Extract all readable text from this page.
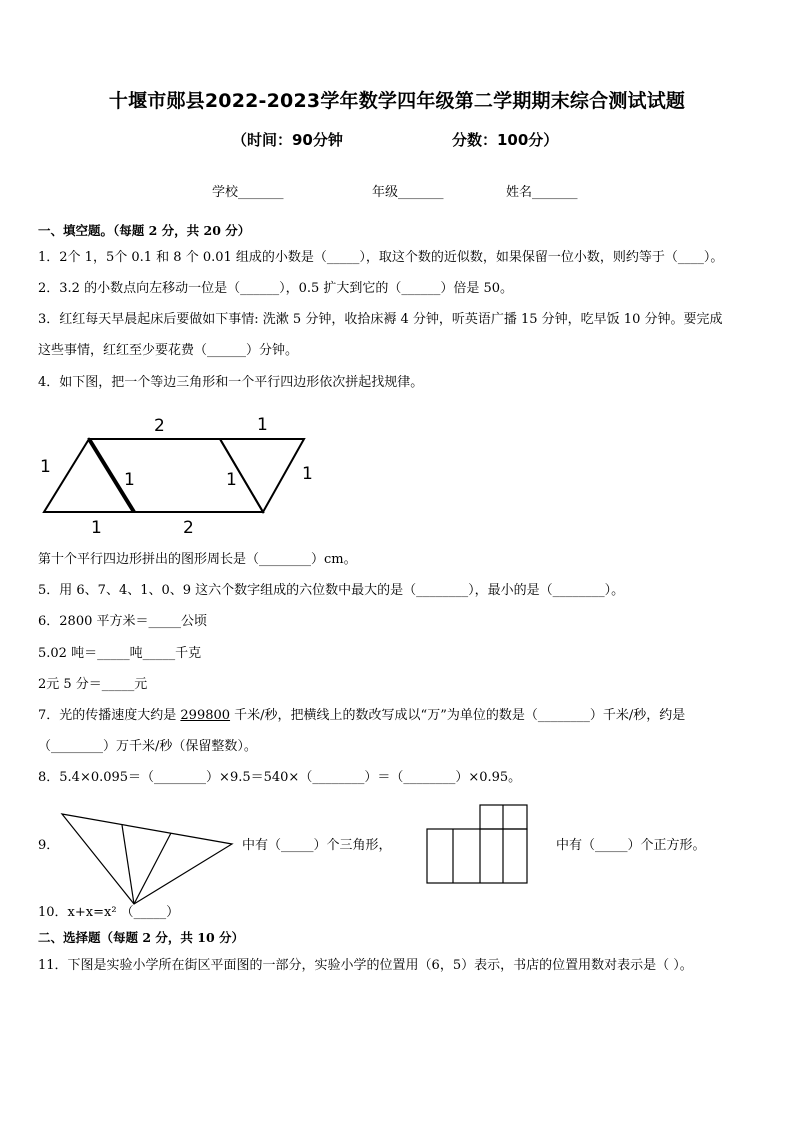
十堰市郧县2022-2023学年数学四年级第二学期期末综合测试试题
（时间：90分钟	分数：100分）
学校_______	年级_______	姓名_______
一、填空题。（每题 2 分，共 20 分）
1．2个 1，5个 0.1 和 8 个 0.01 组成的小数是（_____），取这个数的近似数，如果保留一位小数，则约等于（____）。
2．3.2 的小数点向左移动一位是（______），0.5 扩大到它的（______）倍是 50。
3．红红每天早晨起床后要做如下事情: 洗漱 5 分钟，收拾床褥 4 分钟，听英语广播 15 分钟，吃早饭 10 分钟。要完成
这些事情，红红至少要花费（______）分钟。
4．如下图，把一个等边三角形和一个平行四边形依次拼起找规律。
2	1
1
1	1	1
1	2
第十个平行四边形拼出的图形周长是（________）cm。
5．用 6、7、4、1、0、9 这六个数字组成的六位数中最大的是（________），最小的是（________）。
6．2800 平方米＝_____公顷
5.02 吨＝_____吨_____千克
2元 5 分＝_____元
7．光的传播速度大约是 299800 千米/秒，把横线上的数改写成以“万”为单位的数是（________）千米/秒，约是
（________）万千米/秒（保留整数）。
8．5.4×0.095＝（________）×9.5＝540×（________）＝（________）×0.95。
9．	中有（_____）个三角形，	中有（_____）个正方形。
10．x+x=x² （_____）
二、选择题（每题 2 分，共 10 分）
11．下图是实验小学所在街区平面图的一部分，实验小学的位置用（6，5）表示，书店的位置用数对表示是（ ）。
